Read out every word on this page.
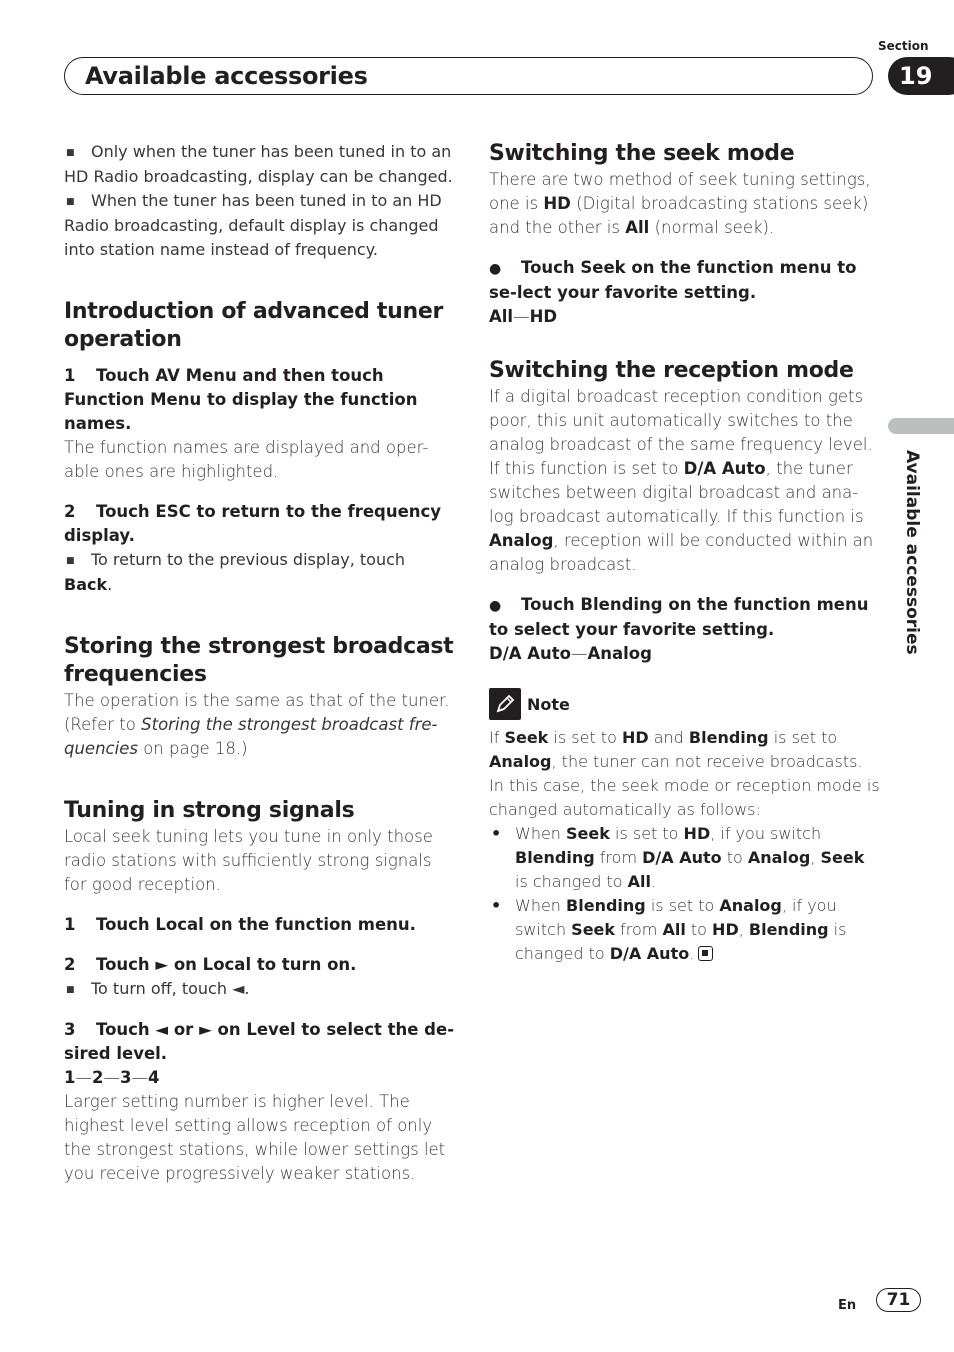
Section
Available accessories	19
Available accessories
■ Only when the tuner has been tuned in to an HD Radio broadcasting, display can be changed.
■ When the tuner has been tuned in to an HD Radio broadcasting, default display is changed into station name instead of frequency.
Introduction of advanced tuner operation
1 Touch AV Menu and then touch Function Menu to display the function names.
The function names are displayed and oper-able ones are highlighted.
2 Touch ESC to return to the frequency display.
■ To return to the previous display, touch Back.
Storing the strongest broadcast frequencies
The operation is the same as that of the tuner. (Refer to Storing the strongest broadcast fre-quencies on page 18.)
Tuning in strong signals
Local seek tuning lets you tune in only those radio stations with sufficiently strong signals for good reception.
1 Touch Local on the function menu.
2 Touch ► on Local to turn on.
■ To turn off, touch ◄.
3 Touch ◄ or ► on Level to select the de-sired level.
1—2—3—4
Larger setting number is higher level. The highest level setting allows reception of only the strongest stations, while lower settings let you receive progressively weaker stations.
Switching the seek mode
There are two method of seek tuning settings, one is HD (Digital broadcasting stations seek) and the other is All (normal seek).
● Touch Seek on the function menu to se-lect your favorite setting.
All—HD
Switching the reception mode
If a digital broadcast reception condition gets poor, this unit automatically switches to the analog broadcast of the same frequency level. If this function is set to D/A Auto, the tuner switches between digital broadcast and ana-log broadcast automatically. If this function is Analog, reception will be conducted within an analog broadcast.
● Touch Blending on the function menu to select your favorite setting.
D/A Auto—Analog
Note
If Seek is set to HD and Blending is set to Analog, the tuner can not receive broadcasts. In this case, the seek mode or reception mode is changed automatically as follows:
• When Seek is set to HD, if you switch Blending from D/A Auto to Analog, Seek is changed to All.
• When Blending is set to Analog, if you switch Seek from All to HD, Blending is changed to D/A Auto.
En	71
